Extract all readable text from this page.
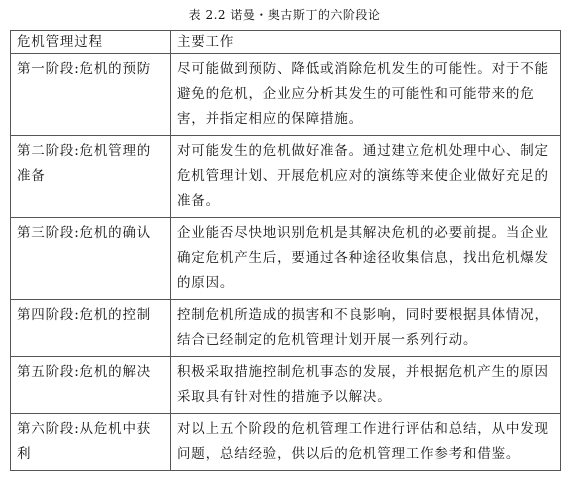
表 2.2 诺曼・奥古斯丁的六阶段论
危机管理过程	主要工作
第一阶段:危机的预防	尽可能做到预防、降低或消除危机发生的可能性。对于不能避免的危机，企业应分析其发生的可能性和可能带来的危害，并指定相应的保障措施。
第二阶段:危机管理的准备	对可能发生的危机做好准备。通过建立危机处理中心、制定危机管理计划、开展危机应对的演练等来使企业做好充足的准备。
第三阶段:危机的确认	企业能否尽快地识别危机是其解决危机的必要前提。当企业确定危机产生后，要通过各种途径收集信息，找出危机爆发的原因。
第四阶段:危机的控制	控制危机所造成的损害和不良影响，同时要根据具体情况，结合已经制定的危机管理计划开展一系列行动。
第五阶段:危机的解决	积极采取措施控制危机事态的发展，并根据危机产生的原因采取具有针对性的措施予以解决。
第六阶段:从危机中获利	对以上五个阶段的危机管理工作进行评估和总结，从中发现问题，总结经验，供以后的危机管理工作参考和借鉴。
